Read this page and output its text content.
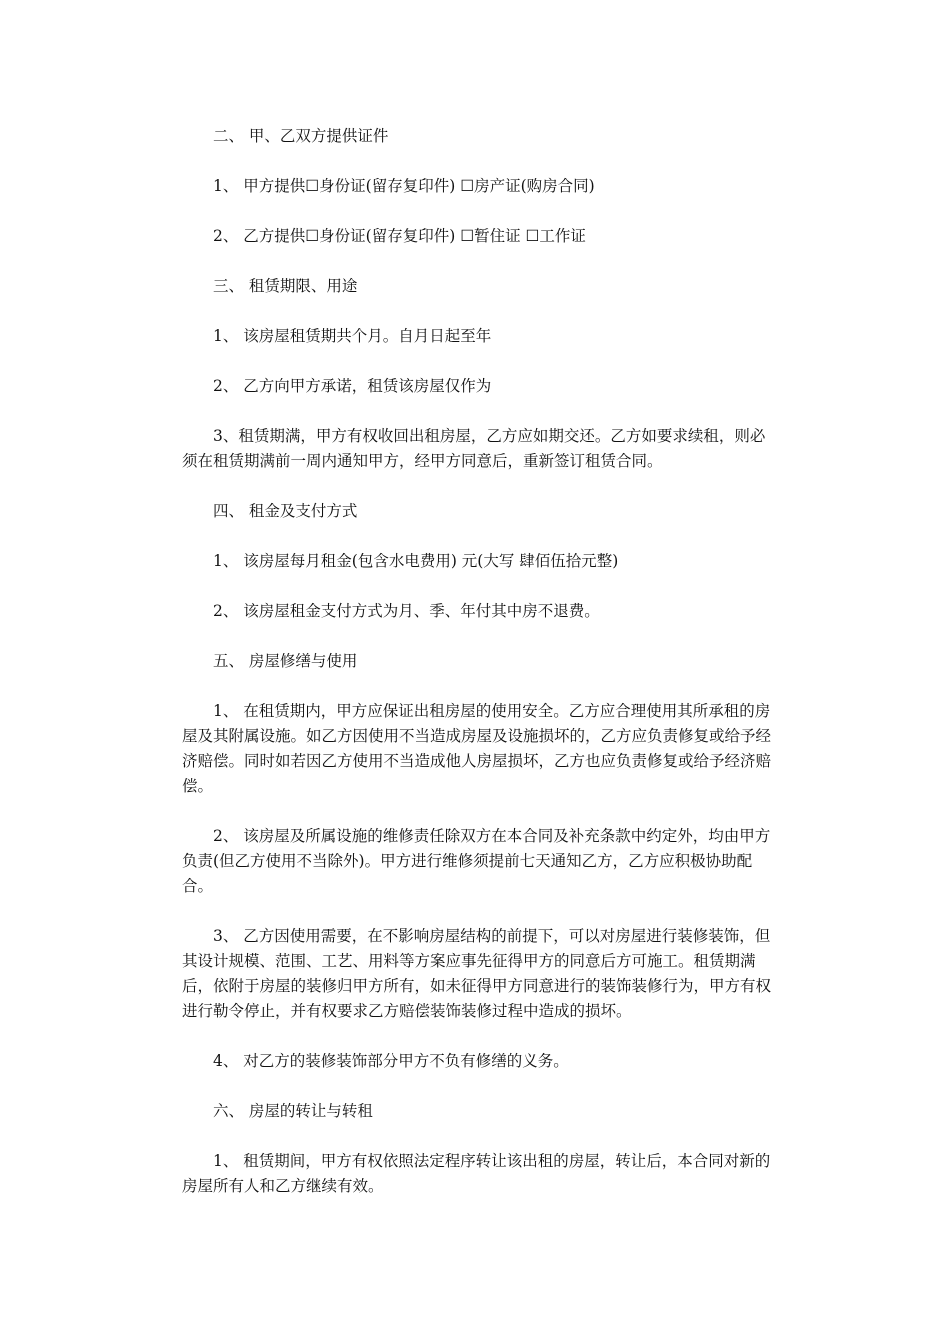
二、 甲、乙双方提供证件

1、 甲方提供☐身份证(留存复印件) ☐房产证(购房合同)

2、 乙方提供☐身份证(留存复印件) ☐暂住证 ☐工作证

三、 租赁期限、用途

1、 该房屋租赁期共个月。自月日起至年

2、 乙方向甲方承诺，租赁该房屋仅作为

3、租赁期满，甲方有权收回出租房屋，乙方应如期交还。乙方如要求续租，则必须在租赁期满前一周内通知甲方，经甲方同意后，重新签订租赁合同。

四、 租金及支付方式

1、 该房屋每月租金(包含水电费用) 元(大写 肆佰伍拾元整)

2、 该房屋租金支付方式为月、季、年付其中房不退费。

五、 房屋修缮与使用

1、 在租赁期内，甲方应保证出租房屋的使用安全。乙方应合理使用其所承租的房屋及其附属设施。如乙方因使用不当造成房屋及设施损坏的，乙方应负责修复或给予经济赔偿。同时如若因乙方使用不当造成他人房屋损坏，乙方也应负责修复或给予经济赔偿。

2、 该房屋及所属设施的维修责任除双方在本合同及补充条款中约定外，均由甲方负责(但乙方使用不当除外)。甲方进行维修须提前七天通知乙方，乙方应积极协助配合。

3、 乙方因使用需要，在不影响房屋结构的前提下，可以对房屋进行装修装饰，但其设计规模、范围、工艺、用料等方案应事先征得甲方的同意后方可施工。租赁期满后，依附于房屋的装修归甲方所有，如未征得甲方同意进行的装饰装修行为，甲方有权进行勒令停止，并有权要求乙方赔偿装饰装修过程中造成的损坏。

4、 对乙方的装修装饰部分甲方不负有修缮的义务。

六、 房屋的转让与转租

1、 租赁期间，甲方有权依照法定程序转让该出租的房屋，转让后，本合同对新的房屋所有人和乙方继续有效。
